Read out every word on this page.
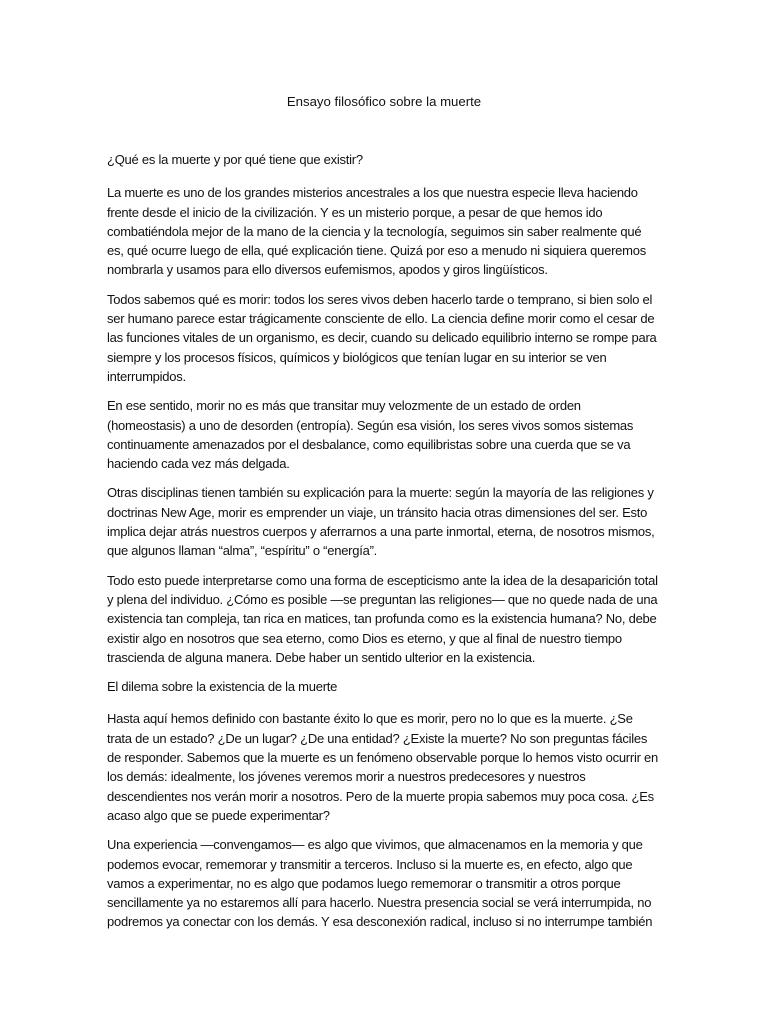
Ensayo filosófico sobre la muerte

¿Qué es la muerte y por qué tiene que existir?

La muerte es uno de los grandes misterios ancestrales a los que nuestra especie lleva haciendo frente desde el inicio de la civilización. Y es un misterio porque, a pesar de que hemos ido combatiéndola mejor de la mano de la ciencia y la tecnología, seguimos sin saber realmente qué es, qué ocurre luego de ella, qué explicación tiene. Quizá por eso a menudo ni siquiera queremos nombrarla y usamos para ello diversos eufemismos, apodos y giros lingüísticos.

Todos sabemos qué es morir: todos los seres vivos deben hacerlo tarde o temprano, si bien solo el ser humano parece estar trágicamente consciente de ello. La ciencia define morir como el cesar de las funciones vitales de un organismo, es decir, cuando su delicado equilibrio interno se rompe para siempre y los procesos físicos, químicos y biológicos que tenían lugar en su interior se ven interrumpidos.

En ese sentido, morir no es más que transitar muy velozmente de un estado de orden (homeostasis) a uno de desorden (entropía). Según esa visión, los seres vivos somos sistemas continuamente amenazados por el desbalance, como equilibristas sobre una cuerda que se va haciendo cada vez más delgada.

Otras disciplinas tienen también su explicación para la muerte: según la mayoría de las religiones y doctrinas New Age, morir es emprender un viaje, un tránsito hacia otras dimensiones del ser. Esto implica dejar atrás nuestros cuerpos y aferrarnos a una parte inmortal, eterna, de nosotros mismos, que algunos llaman “alma”, “espíritu” o “energía”.

Todo esto puede interpretarse como una forma de escepticismo ante la idea de la desaparición total y plena del individuo. ¿Cómo es posible —se preguntan las religiones— que no quede nada de una existencia tan compleja, tan rica en matices, tan profunda como es la existencia humana? No, debe existir algo en nosotros que sea eterno, como Dios es eterno, y que al final de nuestro tiempo trascienda de alguna manera. Debe haber un sentido ulterior en la existencia.

El dilema sobre la existencia de la muerte

Hasta aquí hemos definido con bastante éxito lo que es morir, pero no lo que es la muerte. ¿Se trata de un estado? ¿De un lugar? ¿De una entidad? ¿Existe la muerte? No son preguntas fáciles de responder. Sabemos que la muerte es un fenómeno observable porque lo hemos visto ocurrir en los demás: idealmente, los jóvenes veremos morir a nuestros predecesores y nuestros descendientes nos verán morir a nosotros. Pero de la muerte propia sabemos muy poca cosa. ¿Es acaso algo que se puede experimentar?

Una experiencia —convengamos— es algo que vivimos, que almacenamos en la memoria y que podemos evocar, rememorar y transmitir a terceros. Incluso si la muerte es, en efecto, algo que vamos a experimentar, no es algo que podamos luego rememorar o transmitir a otros porque sencillamente ya no estaremos allí para hacerlo. Nuestra presencia social se verá interrumpida, no podremos ya conectar con los demás. Y esa desconexión radical, incluso si no interrumpe también
